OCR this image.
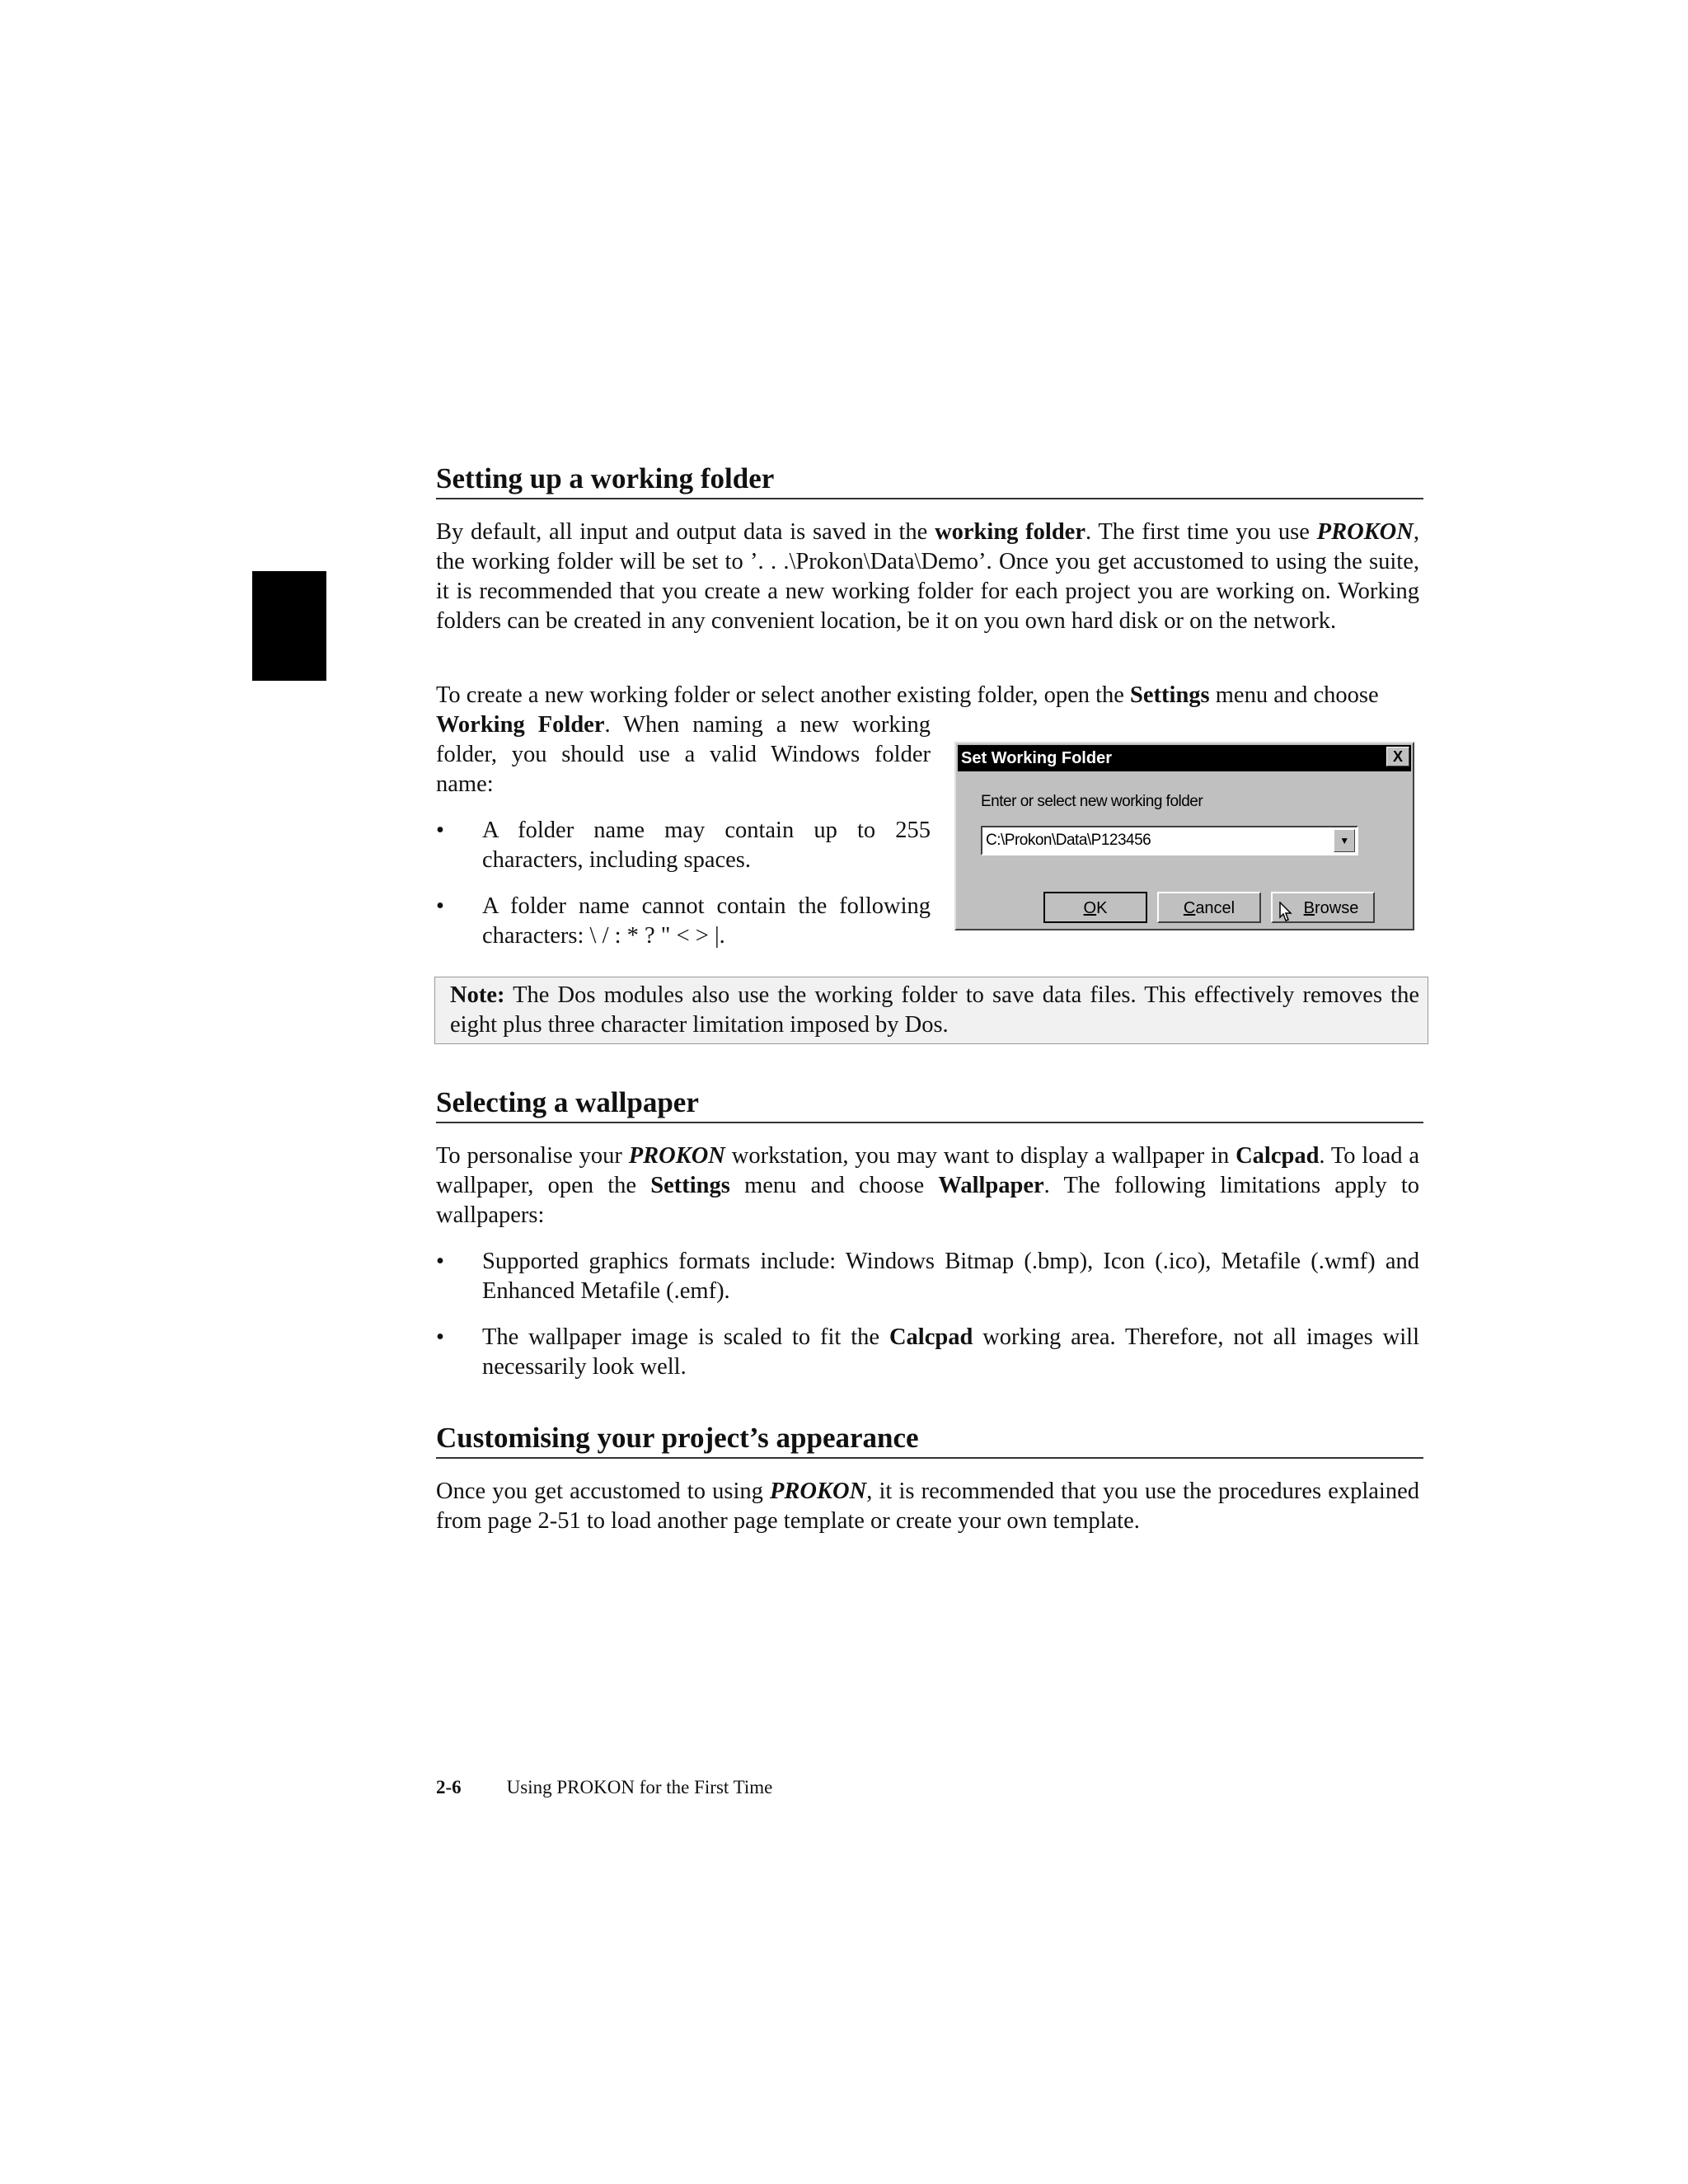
Setting up a working folder
By default, all input and output data is saved in the working folder. The first time you use PROKON, the working folder will be set to ’. . .\Prokon\Data\Demo’. Once you get accustomed to using the suite, it is recommended that you create a new working folder for each project you are working on. Working folders can be created in any convenient location, be it on you own hard disk or on the network.
To create a new working folder or select another existing folder, open the Settings menu and choose
Working Folder. When naming a new working folder, you should use a valid Windows folder name:
• A folder name may contain up to 255 characters, including spaces.
• A folder name cannot contain the following characters: \ / : * ? " < > |.
Set Working Folder	X
Enter or select new working folder
C:\Prokon\Data\P123456	▼
OK	Cancel	Browse
Note: The Dos modules also use the working folder to save data files. This effectively removes the eight plus three character limitation imposed by Dos.
Selecting a wallpaper
To personalise your PROKON workstation, you may want to display a wallpaper in Calcpad. To load a wallpaper, open the Settings menu and choose Wallpaper. The following limitations apply to wallpapers:
• Supported graphics formats include: Windows Bitmap (.bmp), Icon (.ico), Metafile (.wmf) and Enhanced Metafile (.emf).
• The wallpaper image is scaled to fit the Calcpad working area. Therefore, not all images will necessarily look well.
Customising your project’s appearance
Once you get accustomed to using PROKON, it is recommended that you use the procedures explained from page 2-51 to load another page template or create your own template.
2-6 Using PROKON for the First Time
